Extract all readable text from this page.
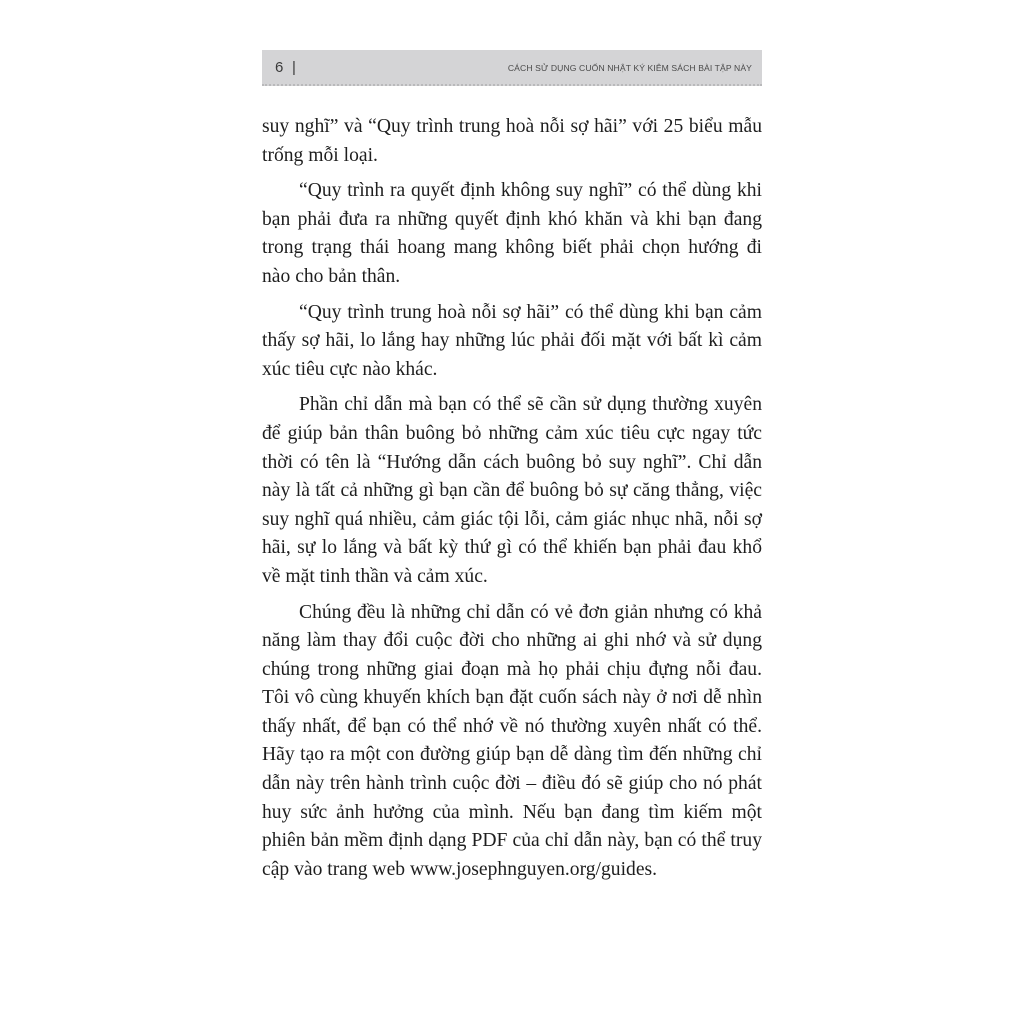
6 |	CÁCH SỬ DỤNG CUỐN NHẬT KÝ KIÊM SÁCH BÀI TẬP NÀY

suy nghĩ” và “Quy trình trung hoà nỗi sợ hãi” với 25 biểu mẫu trống mỗi loại.

“Quy trình ra quyết định không suy nghĩ” có thể dùng khi bạn phải đưa ra những quyết định khó khăn và khi bạn đang trong trạng thái hoang mang không biết phải chọn hướng đi nào cho bản thân.

“Quy trình trung hoà nỗi sợ hãi” có thể dùng khi bạn cảm thấy sợ hãi, lo lắng hay những lúc phải đối mặt với bất kì cảm xúc tiêu cực nào khác.

Phần chỉ dẫn mà bạn có thể sẽ cần sử dụng thường xuyên để giúp bản thân buông bỏ những cảm xúc tiêu cực ngay tức thời có tên là “Hướng dẫn cách buông bỏ suy nghĩ”. Chỉ dẫn này là tất cả những gì bạn cần để buông bỏ sự căng thẳng, việc suy nghĩ quá nhiều, cảm giác tội lỗi, cảm giác nhục nhã, nỗi sợ hãi, sự lo lắng và bất kỳ thứ gì có thể khiến bạn phải đau khổ về mặt tinh thần và cảm xúc.

Chúng đều là những chỉ dẫn có vẻ đơn giản nhưng có khả năng làm thay đổi cuộc đời cho những ai ghi nhớ và sử dụng chúng trong những giai đoạn mà họ phải chịu đựng nỗi đau. Tôi vô cùng khuyến khích bạn đặt cuốn sách này ở nơi dễ nhìn thấy nhất, để bạn có thể nhớ về nó thường xuyên nhất có thể. Hãy tạo ra một con đường giúp bạn dễ dàng tìm đến những chỉ dẫn này trên hành trình cuộc đời – điều đó sẽ giúp cho nó phát huy sức ảnh hưởng của mình. Nếu bạn đang tìm kiếm một phiên bản mềm định dạng PDF của chỉ dẫn này, bạn có thể truy cập vào trang web www.josephnguyen.org/guides.
